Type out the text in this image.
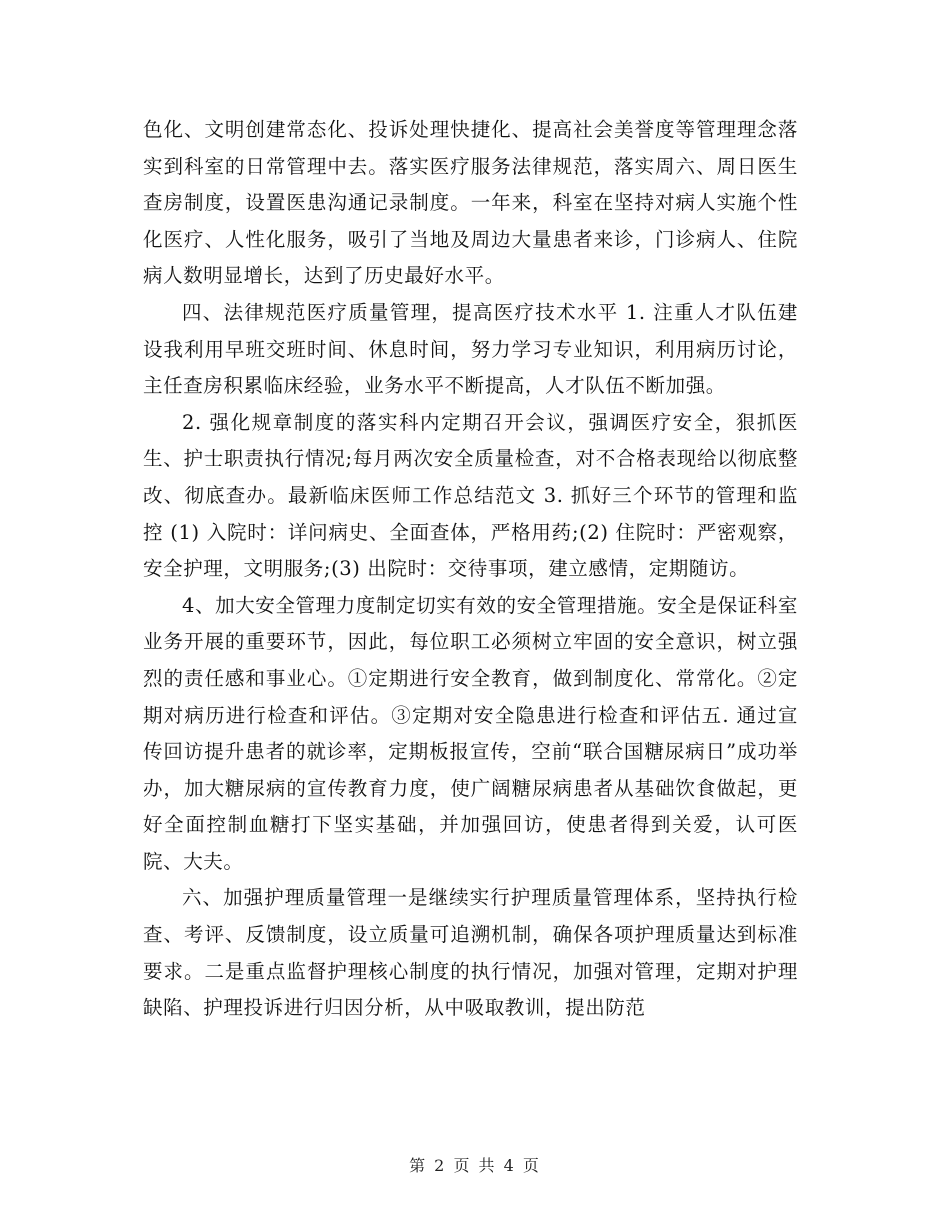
色化、文明创建常态化、投诉处理快捷化、提高社会美誉度等管理理念落实到科室的日常管理中去。落实医疗服务法律规范，落实周六、周日医生查房制度，设置医患沟通记录制度。一年来，科室在坚持对病人实施个性化医疗、人性化服务，吸引了当地及周边大量患者来诊，门诊病人、住院病人数明显增长，达到了历史最好水平。

四、法律规范医疗质量管理，提高医疗技术水平 1. 注重人才队伍建设我利用早班交班时间、休息时间，努力学习专业知识，利用病历讨论，主任查房积累临床经验，业务水平不断提高，人才队伍不断加强。

2. 强化规章制度的落实科内定期召开会议，强调医疗安全，狠抓医生、护士职责执行情况;每月两次安全质量检查，对不合格表现给以彻底整改、彻底查办。最新临床医师工作总结范文 3. 抓好三个环节的管理和监控 (1) 入院时：详问病史、全面查体，严格用药;(2) 住院时：严密观察，安全护理，文明服务;(3) 出院时：交待事项，建立感情，定期随访。

4、加大安全管理力度制定切实有效的安全管理措施。安全是保证科室业务开展的重要环节，因此，每位职工必须树立牢固的安全意识，树立强烈的责任感和事业心。①定期进行安全教育，做到制度化、常常化。②定期对病历进行检查和评估。③定期对安全隐患进行检查和评估五. 通过宣传回访提升患者的就诊率，定期板报宣传，空前“联合国糖尿病日”成功举办，加大糖尿病的宣传教育力度，使广阔糖尿病患者从基础饮食做起，更好全面控制血糖打下坚实基础，并加强回访，使患者得到关爱，认可医院、大夫。

六、加强护理质量管理一是继续实行护理质量管理体系，坚持执行检查、考评、反馈制度，设立质量可追溯机制，确保各项护理质量达到标准要求。二是重点监督护理核心制度的执行情况，加强对管理，定期对护理缺陷、护理投诉进行归因分析，从中吸取教训，提出防范

第 2 页 共 4 页
